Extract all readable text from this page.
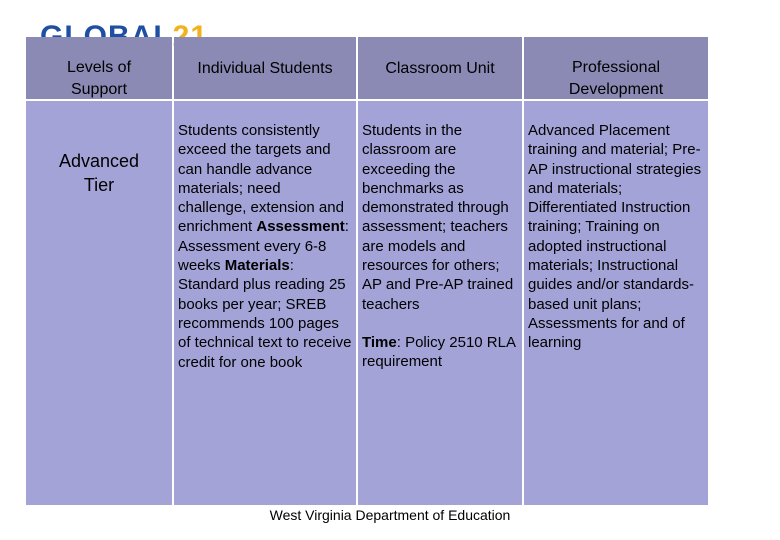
Levels of
Support
Individual Students	Classroom Unit	Professional
Development
Advanced
Tier

Students consistently exceed the targets and can handle advance materials; need challenge, extension and enrichment Assessment: Assessment every 6-8 weeks Materials: Standard plus reading 25 books per year; SREB recommends 100 pages of technical text to receive credit for one book

Students in the classroom are exceeding the benchmarks as demonstrated through assessment; teachers are models and resources for others; AP and Pre-AP trained teachers

Time: Policy 2510 RLA requirement

Advanced Placement training and material; Pre-AP instructional strategies and materials; Differentiated Instruction training; Training on adopted instructional materials; Instructional guides and/or standards-based unit plans; Assessments for and of learning

West Virginia Department of Education
